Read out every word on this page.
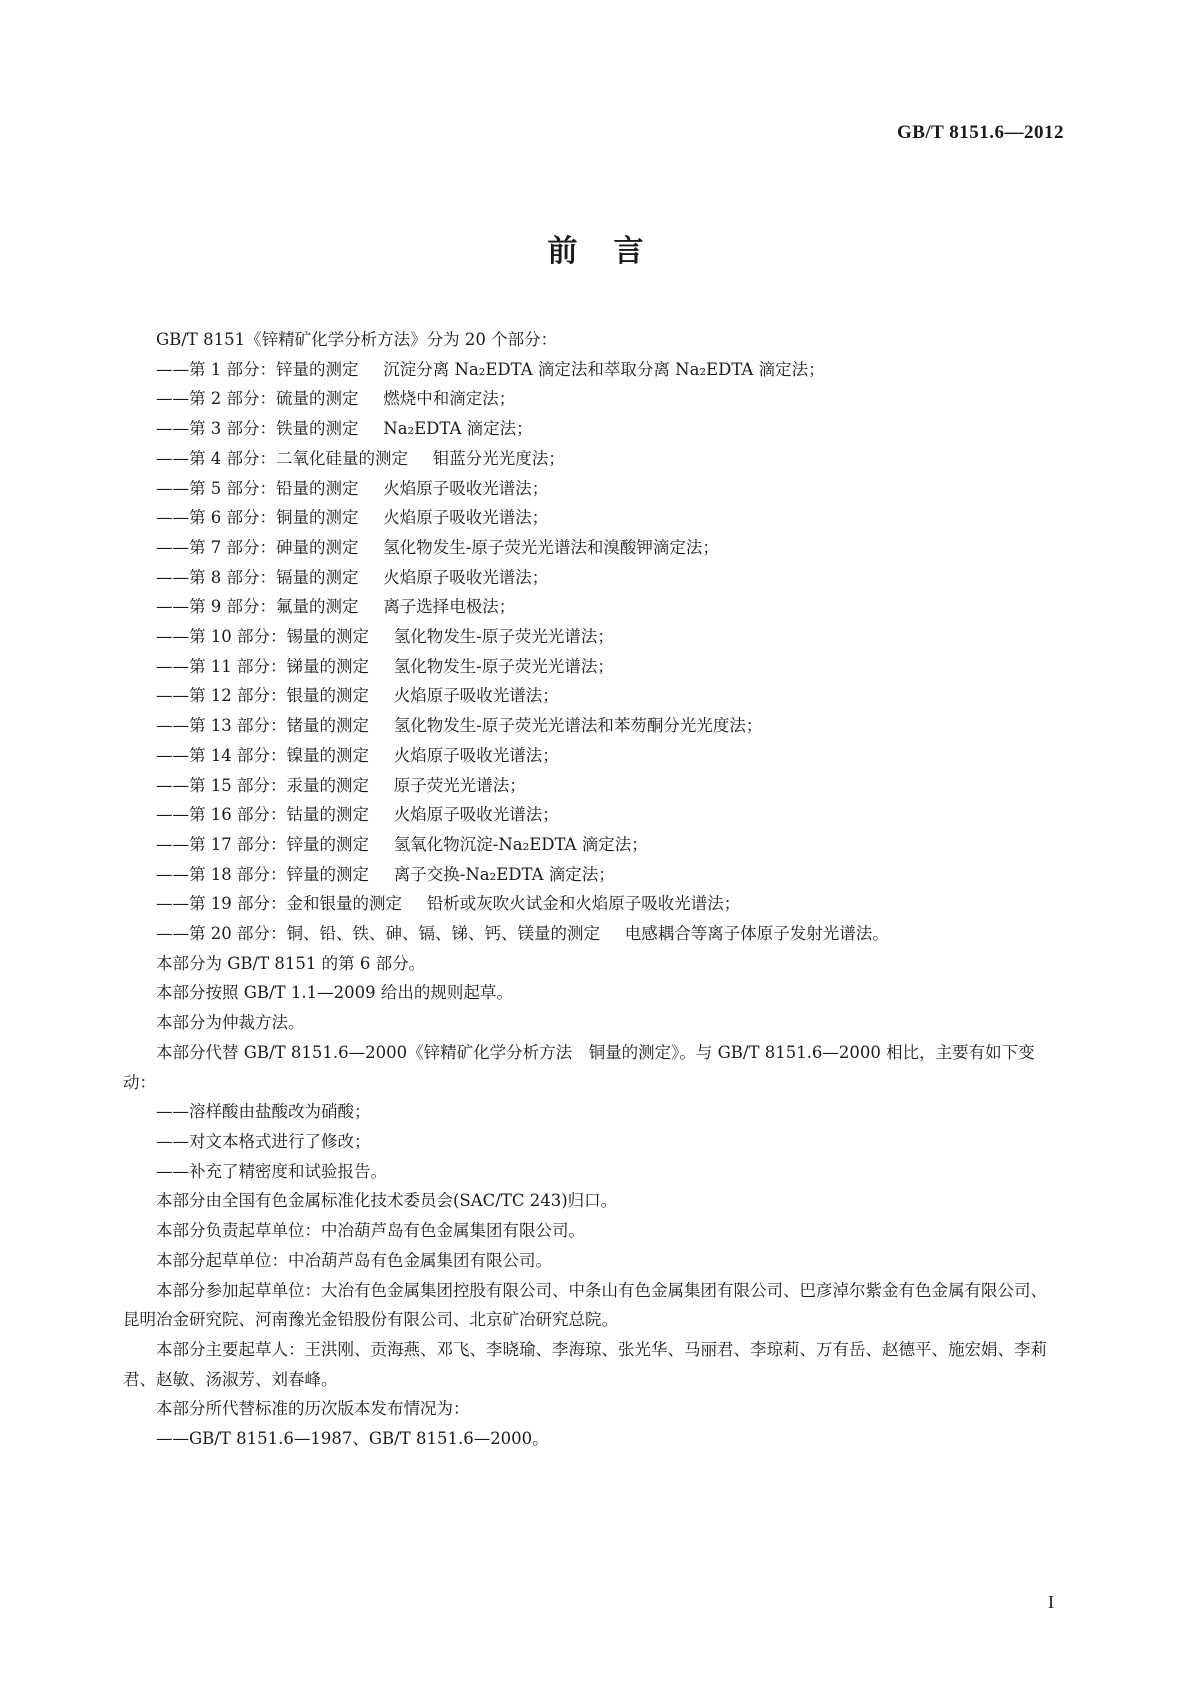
GB/T 8151.6—2012
前言

GB/T 8151《锌精矿化学分析方法》分为 20 个部分：

——第 1 部分：锌量的测定 沉淀分离 Na₂EDTA 滴定法和萃取分离 Na₂EDTA 滴定法；

——第 2 部分：硫量的测定 燃烧中和滴定法；

——第 3 部分：铁量的测定 Na₂EDTA 滴定法；

——第 4 部分：二氧化硅量的测定 钼蓝分光光度法；

——第 5 部分：铅量的测定 火焰原子吸收光谱法；

——第 6 部分：铜量的测定 火焰原子吸收光谱法；

——第 7 部分：砷量的测定 氢化物发生-原子荧光光谱法和溴酸钾滴定法；

——第 8 部分：镉量的测定 火焰原子吸收光谱法；

——第 9 部分：氟量的测定 离子选择电极法；

——第 10 部分：锡量的测定 氢化物发生-原子荧光光谱法；

——第 11 部分：锑量的测定 氢化物发生-原子荧光光谱法；

——第 12 部分：银量的测定 火焰原子吸收光谱法；

——第 13 部分：锗量的测定 氢化物发生-原子荧光光谱法和苯芴酮分光光度法；

——第 14 部分：镍量的测定 火焰原子吸收光谱法；

——第 15 部分：汞量的测定 原子荧光光谱法；

——第 16 部分：钴量的测定 火焰原子吸收光谱法；

——第 17 部分：锌量的测定 氢氧化物沉淀-Na₂EDTA 滴定法；

——第 18 部分：锌量的测定 离子交换-Na₂EDTA 滴定法；

——第 19 部分：金和银量的测定 铅析或灰吹火试金和火焰原子吸收光谱法；

——第 20 部分：铜、铅、铁、砷、镉、锑、钙、镁量的测定 电感耦合等离子体原子发射光谱法。

本部分为 GB/T 8151 的第 6 部分。

本部分按照 GB/T 1.1—2009 给出的规则起草。

本部分为仲裁方法。

本部分代替 GB/T 8151.6—2000《锌精矿化学分析方法　铜量的测定》。与 GB/T 8151.6—2000 相比，主要有如下变动：

——溶样酸由盐酸改为硝酸；

——对文本格式进行了修改；

——补充了精密度和试验报告。

本部分由全国有色金属标准化技术委员会(SAC/TC 243)归口。

本部分负责起草单位：中冶葫芦岛有色金属集团有限公司。

本部分起草单位：中冶葫芦岛有色金属集团有限公司。

本部分参加起草单位：大冶有色金属集团控股有限公司、中条山有色金属集团有限公司、巴彦淖尔紫金有色金属有限公司、昆明冶金研究院、河南豫光金铅股份有限公司、北京矿冶研究总院。

本部分主要起草人：王洪刚、贡海燕、邓飞、李晓瑜、李海琼、张光华、马丽君、李琼莉、万有岳、赵德平、施宏娟、李莉君、赵敏、汤淑芳、刘春峰。

本部分所代替标准的历次版本发布情况为：

——GB/T 8151.6—1987、GB/T 8151.6—2000。

I
